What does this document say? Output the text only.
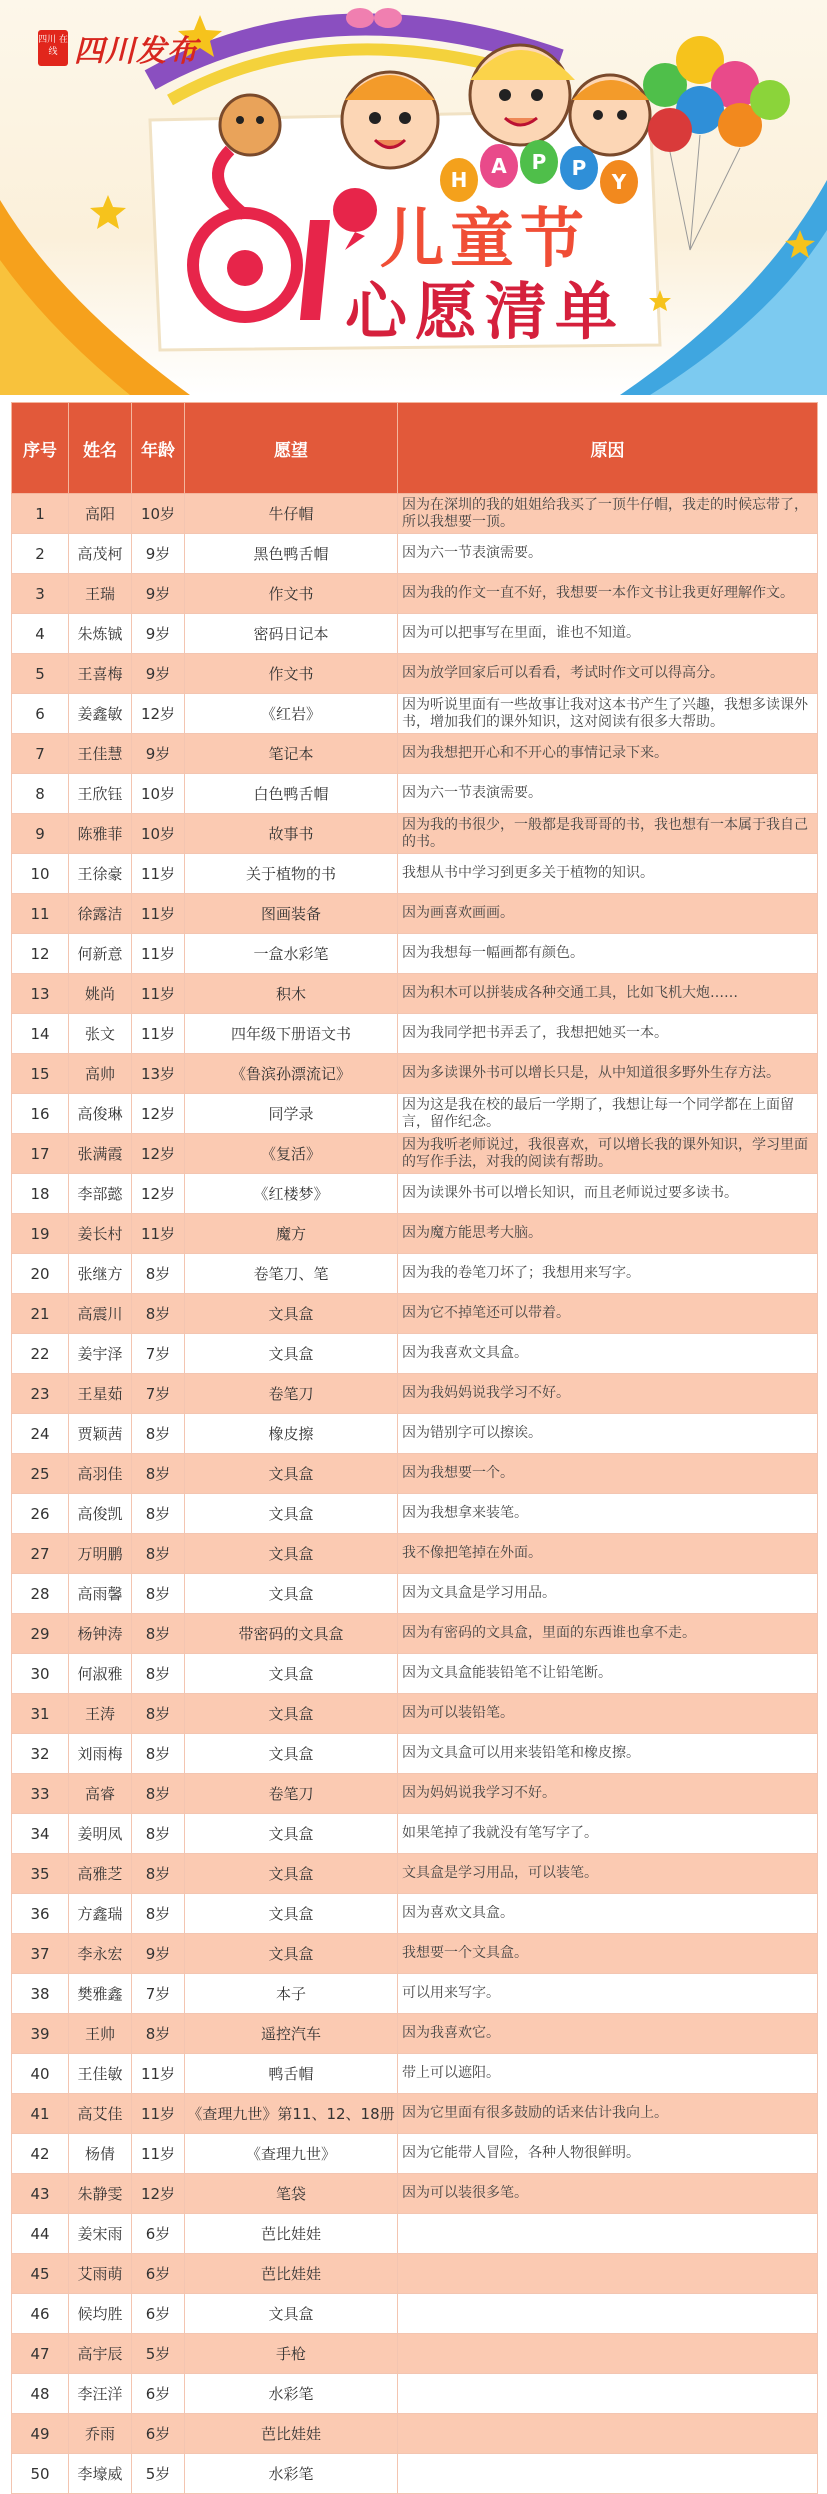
四川 在线 四川发布
H
A	P	P
Y
儿童节
心愿清单
序号	姓名	年龄	愿望	原因
1	高阳	10岁	牛仔帽	因为在深圳的我的姐姐给我买了一顶牛仔帽，我走的时候忘带了，所以我想要一顶。
2	高茂柯	9岁	黑色鸭舌帽	因为六一节表演需要。
3	王瑞	9岁	作文书	因为我的作文一直不好，我想要一本作文书让我更好理解作文。
4	朱炼铖	9岁	密码日记本	因为可以把事写在里面，谁也不知道。
5	王喜梅	9岁	作文书	因为放学回家后可以看看，考试时作文可以得高分。
6	姜鑫敏	12岁	《红岩》	因为听说里面有一些故事让我对这本书产生了兴趣，我想多读课外书，增加我们的课外知识，这对阅读有很多大帮助。
7	王佳慧	9岁	笔记本	因为我想把开心和不开心的事情记录下来。
8	王欣钰	10岁	白色鸭舌帽	因为六一节表演需要。
9	陈雅菲	10岁	故事书	因为我的书很少，一般都是我哥哥的书，我也想有一本属于我自己的书。
10	王徐豪	11岁	关于植物的书	我想从书中学习到更多关于植物的知识。
11	徐露洁	11岁	图画装备	因为画喜欢画画。
12	何新意	11岁	一盒水彩笔	因为我想每一幅画都有颜色。
13	姚尚	11岁	积木	因为积木可以拼装成各种交通工具，比如飞机大炮……
14	张文	11岁	四年级下册语文书	因为我同学把书弄丢了，我想把她买一本。
15	高帅	13岁	《鲁滨孙漂流记》	因为多读课外书可以增长只是，从中知道很多野外生存方法。
16	高俊琳	12岁	同学录	因为这是我在校的最后一学期了，我想让每一个同学都在上面留言，留作纪念。
17	张满霞	12岁	《复活》	因为我听老师说过，我很喜欢，可以增长我的课外知识，学习里面的写作手法，对我的阅读有帮助。
18	李部懿	12岁	《红楼梦》	因为读课外书可以增长知识，而且老师说过要多读书。
19	姜长村	11岁	魔方	因为魔方能思考大脑。
20	张继方	8岁	卷笔刀、笔	因为我的卷笔刀坏了；我想用来写字。
21	高震川	8岁	文具盒	因为它不掉笔还可以带着。
22	姜宇泽	7岁	文具盒	因为我喜欢文具盒。
23	王星茹	7岁	卷笔刀	因为我妈妈说我学习不好。
24	贾颖茜	8岁	橡皮擦	因为错别字可以擦诶。
25	高羽佳	8岁	文具盒	因为我想要一个。
26	高俊凯	8岁	文具盒	因为我想拿来装笔。
27	万明鹏	8岁	文具盒	我不像把笔掉在外面。
28	高雨馨	8岁	文具盒	因为文具盒是学习用品。
29	杨钟涛	8岁	带密码的文具盒	因为有密码的文具盒，里面的东西谁也拿不走。
30	何淑雅	8岁	文具盒	因为文具盒能装铅笔不让铅笔断。
31	王涛	8岁	文具盒	因为可以装铅笔。
32	刘雨梅	8岁	文具盒	因为文具盒可以用来装铅笔和橡皮擦。
33	高睿	8岁	卷笔刀	因为妈妈说我学习不好。
34	姜明凤	8岁	文具盒	如果笔掉了我就没有笔写字了。
35	高雅芝	8岁	文具盒	文具盒是学习用品，可以装笔。
36	方鑫瑞	8岁	文具盒	因为喜欢文具盒。
37	李永宏	9岁	文具盒	我想要一个文具盒。
38	樊雅鑫	7岁	本子	可以用来写字。
39	王帅	8岁	遥控汽车	因为我喜欢它。
40	王佳敏	11岁	鸭舌帽	带上可以遮阳。
41	高艾佳	11岁	《查理九世》第11、12、18册	因为它里面有很多鼓励的话来估计我向上。
42	杨倩	11岁	《查理九世》	因为它能带人冒险，各种人物很鲜明。
43	朱静雯	12岁	笔袋	因为可以装很多笔。
44	姜宋雨	6岁	芭比娃娃	
45	艾雨萌	6岁	芭比娃娃	
46	候均胜	6岁	文具盒	
47	高宇辰	5岁	手枪	
48	李汪洋	6岁	水彩笔	
49	乔雨	6岁	芭比娃娃	
50	李壕威	5岁	水彩笔	
